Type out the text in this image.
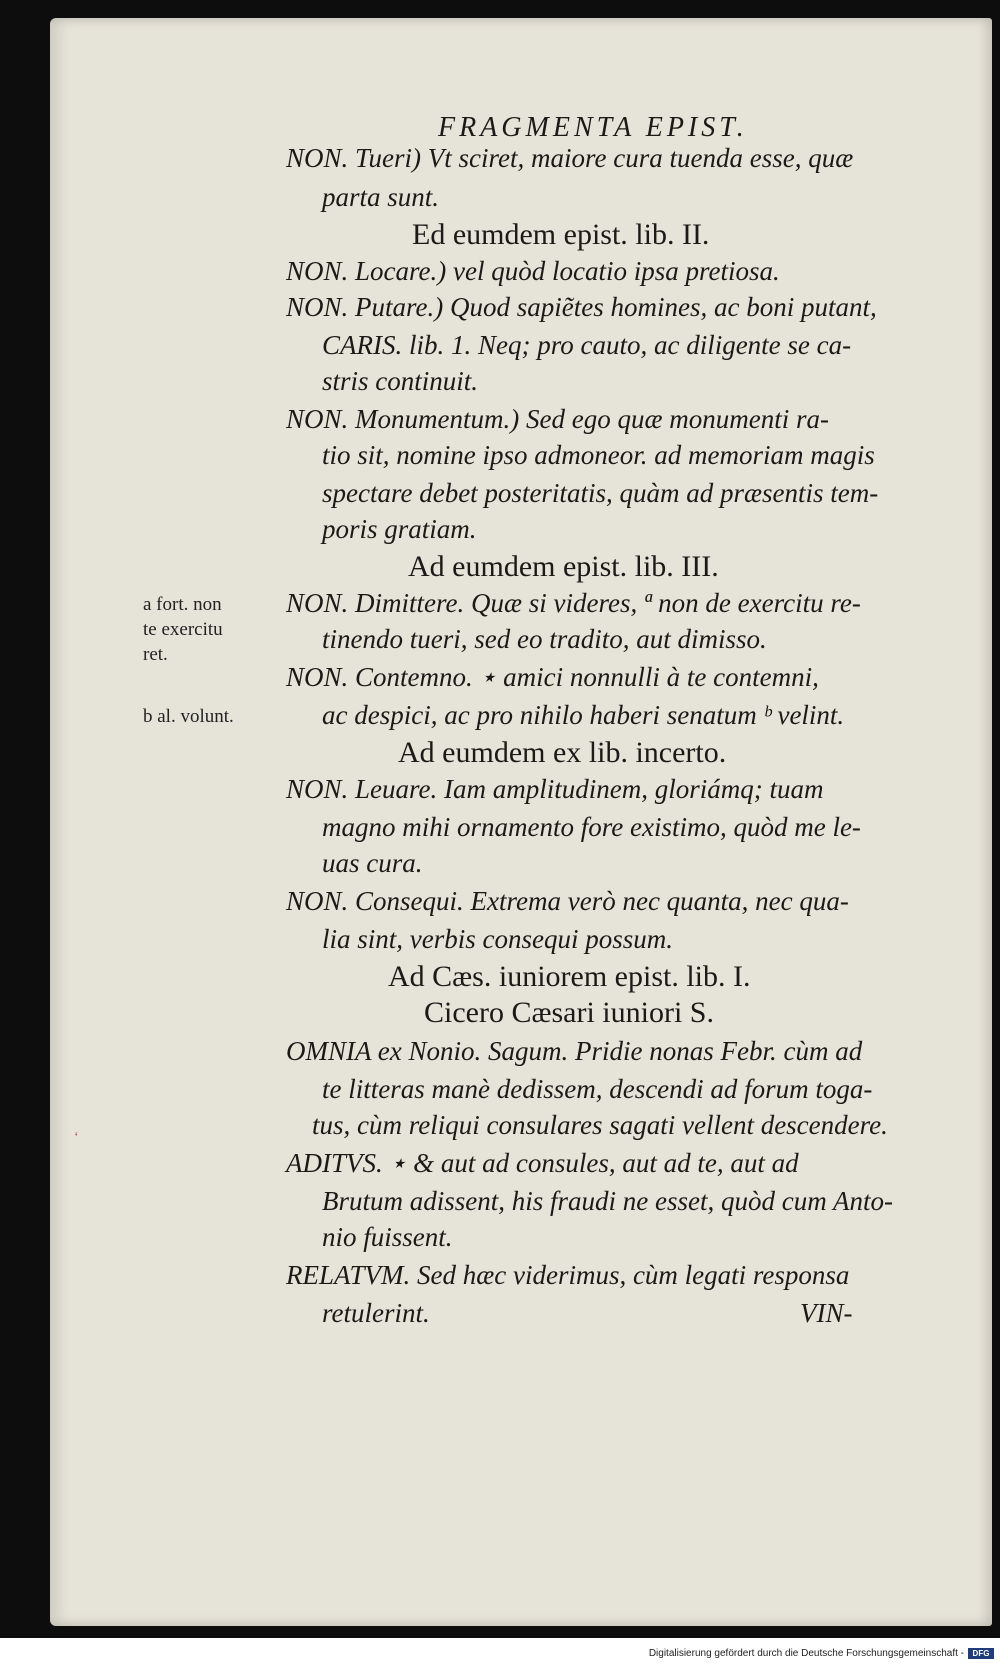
FRAGMENTA EPIST.
NON. Tueri) Vt sciret, maiore cura tuenda esse, quæ
parta sunt.
Ed eumdem epist. lib. II.
NON. Locare.) vel quòd locatio ipsa pretiosa.
NON. Putare.) Quod sapiẽtes homines, ac boni putant,
CARIS. lib. 1. Neq; pro cauto, ac diligente se ca-
stris continuit.
NON. Monumentum.) Sed ego quæ monumenti ra-
tio sit, nomine ipso admoneor. ad memoriam magis
spectare debet posteritatis, quàm ad præsentis tem-
poris gratiam.
Ad eumdem epist. lib. III.
NON. Dimittere. Quæ si videres, ª non de exercitu re-
tinendo tueri, sed eo tradito, aut dimisso.
NON. Contemno. ⋆ amici nonnulli à te contemni,
ac despici, ac pro nihilo haberi senatum ᵇ velint.
Ad eumdem ex lib. incerto.
NON. Leuare. Iam amplitudinem, gloriámq; tuam
magno mihi ornamento fore existimo, quòd me le-
uas cura.
NON. Consequi. Extrema verò nec quanta, nec qua-
lia sint, verbis consequi possum.
Ad Cæs. iuniorem epist. lib. I.
Cicero Cæsari iuniori S.
OMNIA ex Nonio. Sagum. Pridie nonas Febr. cùm ad
te litteras manè dedissem, descendi ad forum toga-
tus, cùm reliqui consulares sagati vellent descendere.
ADITVS. ⋆ & aut ad consules, aut ad te, aut ad
Brutum adissent, his fraudi ne esset, quòd cum Anto-
nio fuissent.
RELATVM. Sed hæc viderimus, cùm legati responsa
retulerint.	VIN-
a fort. non
te exercitu
ret.
b al. volunt.
ʻ
Digitalisierung gefördert durch die Deutsche Forschungsgemeinschaft -	DFG
